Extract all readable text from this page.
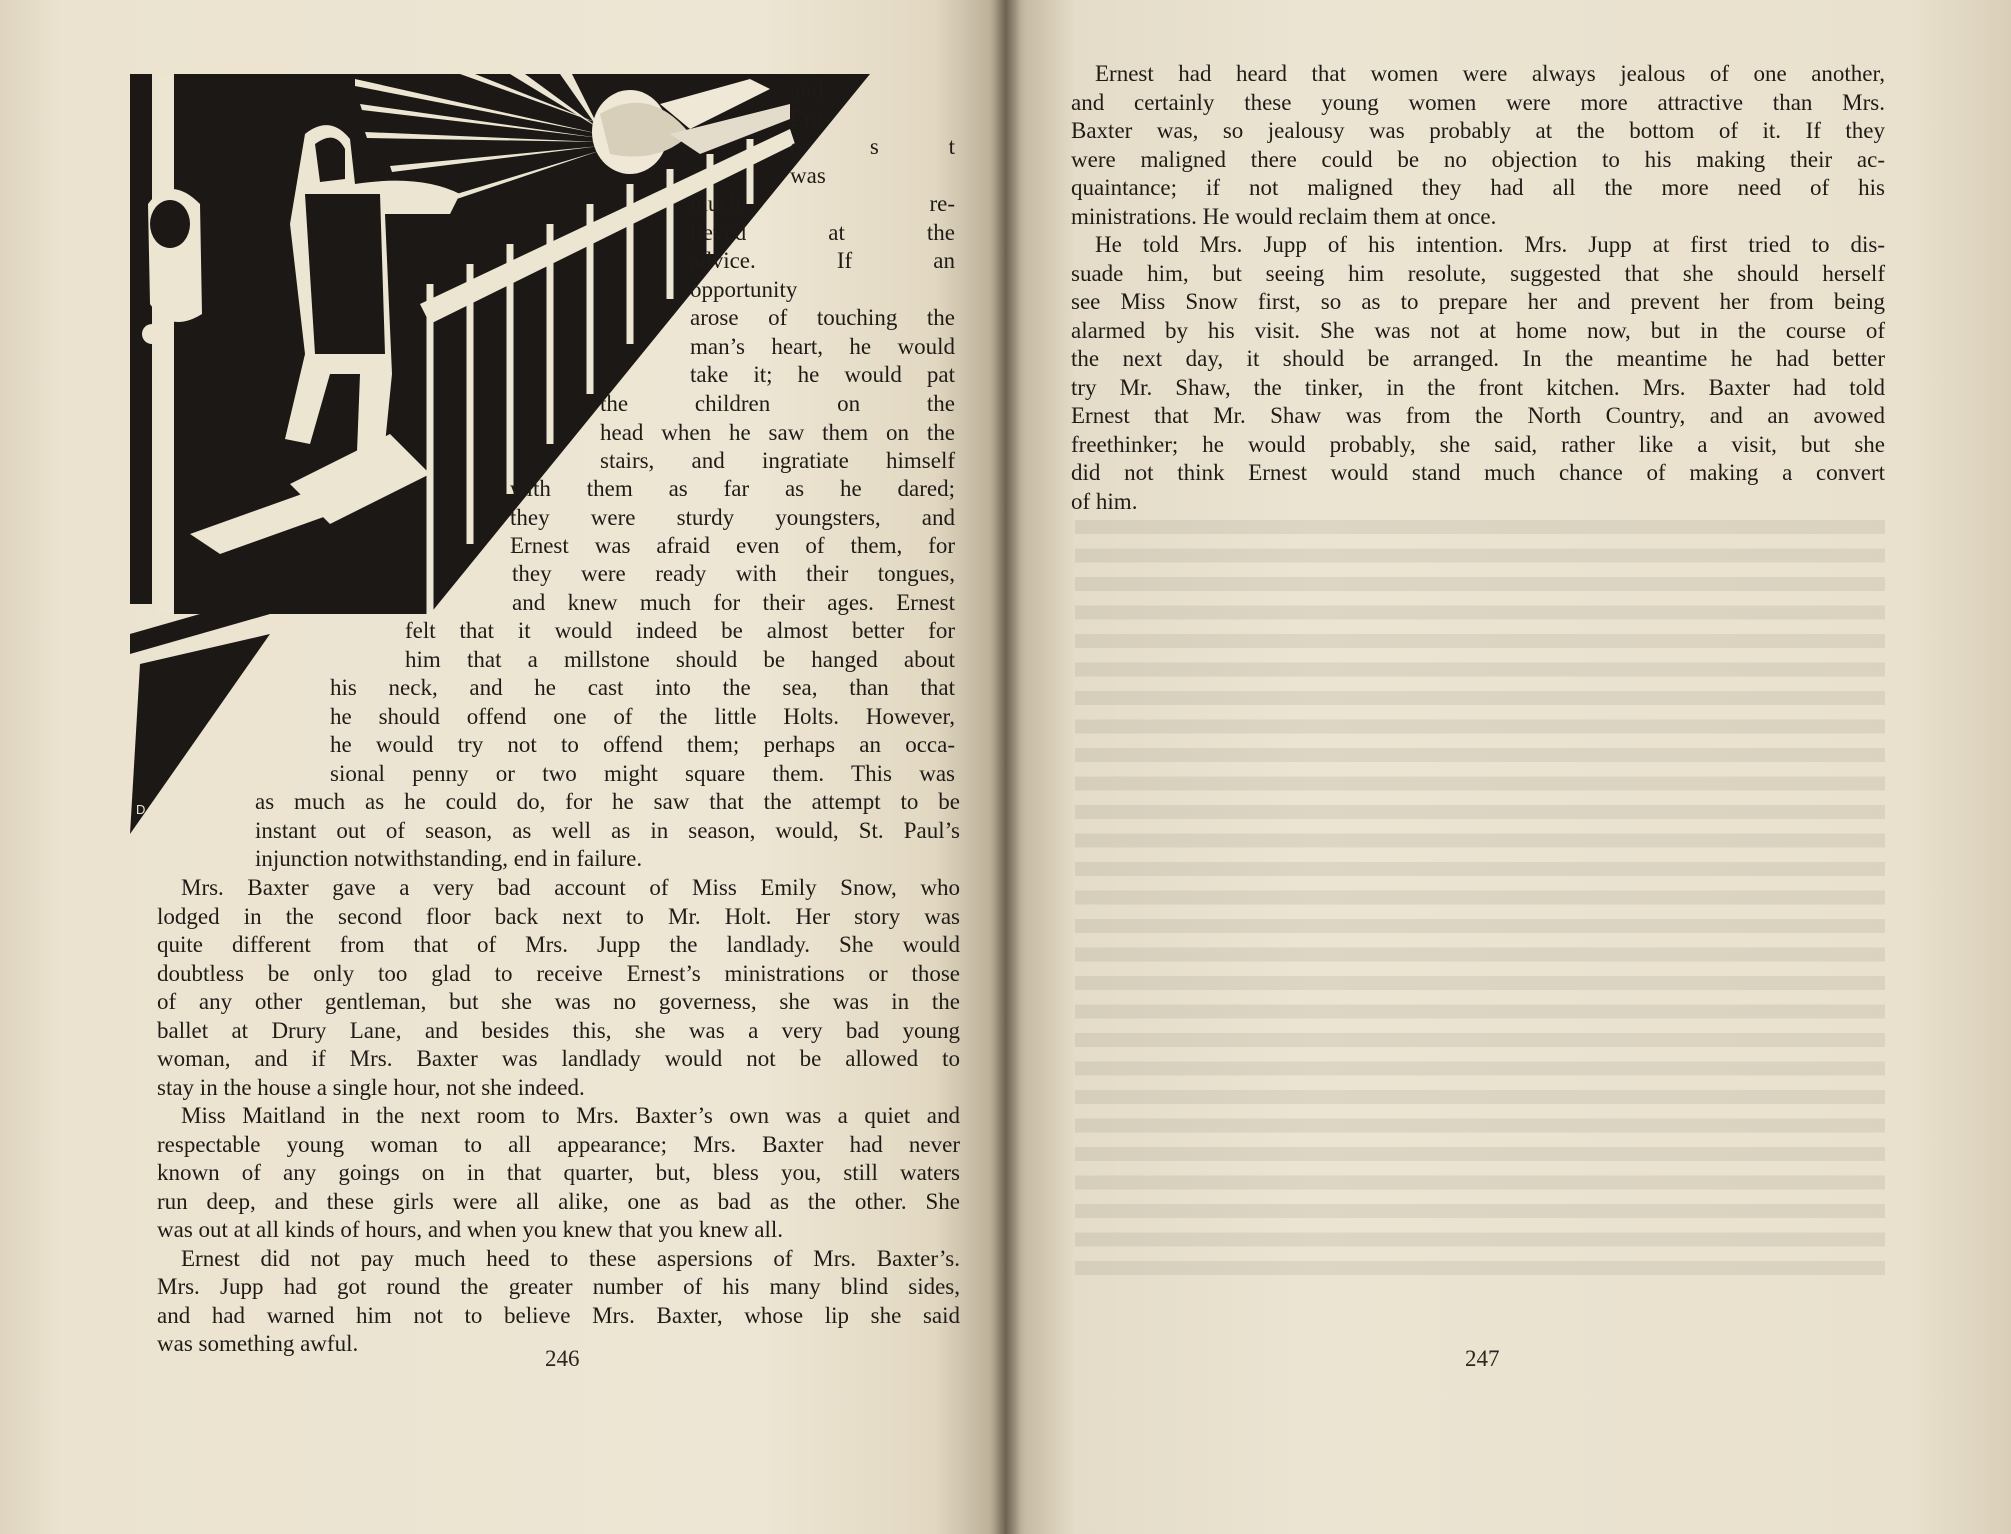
D.N
and
Ern-
e s t
was
much re-
lieved at the
advice. If an
opportunity
arose of touching the
man’s heart, he would
take it; he would pat
the children on the
head when he saw them on the
stairs, and ingratiate himself
with them as far as he dared;
they were sturdy youngsters, and
Ernest was afraid even of them, for
they were ready with their tongues,
and knew much for their ages. Ernest
felt that it would indeed be almost better for
him that a millstone should be hanged about
his neck, and he cast into the sea, than that
he should offend one of the little Holts. However,
he would try not to offend them; perhaps an occa-
sional penny or two might square them. This was
as much as he could do, for he saw that the attempt to be
instant out of season, as well as in season, would, St. Paul’s
injunction notwithstanding, end in failure.
Mrs. Baxter gave a very bad account of Miss Emily Snow, who
lodged in the second floor back next to Mr. Holt. Her story was
quite different from that of Mrs. Jupp the landlady. She would
doubtless be only too glad to receive Ernest’s ministrations or those
of any other gentleman, but she was no governess, she was in the
ballet at Drury Lane, and besides this, she was a very bad young
woman, and if Mrs. Baxter was landlady would not be allowed to
stay in the house a single hour, not she indeed.
Miss Maitland in the next room to Mrs. Baxter’s own was a quiet and
respectable young woman to all appearance; Mrs. Baxter had never
known of any goings on in that quarter, but, bless you, still waters
run deep, and these girls were all alike, one as bad as the other. She
was out at all kinds of hours, and when you knew that you knew all.
Ernest did not pay much heed to these aspersions of Mrs. Baxter’s.
Mrs. Jupp had got round the greater number of his many blind sides,
and had warned him not to believe Mrs. Baxter, whose lip she said
was something awful.
246
Ernest had heard that women were always jealous of one another,
and certainly these young women were more attractive than Mrs.
Baxter was, so jealousy was probably at the bottom of it. If they
were maligned there could be no objection to his making their ac-
quaintance; if not maligned they had all the more need of his
ministrations. He would reclaim them at once.
He told Mrs. Jupp of his intention. Mrs. Jupp at first tried to dis-
suade him, but seeing him resolute, suggested that she should herself
see Miss Snow first, so as to prepare her and prevent her from being
alarmed by his visit. She was not at home now, but in the course of
the next day, it should be arranged. In the meantime he had better
try Mr. Shaw, the tinker, in the front kitchen. Mrs. Baxter had told
Ernest that Mr. Shaw was from the North Country, and an avowed
freethinker; he would probably, she said, rather like a visit, but she
did not think Ernest would stand much chance of making a convert
of him.
247
